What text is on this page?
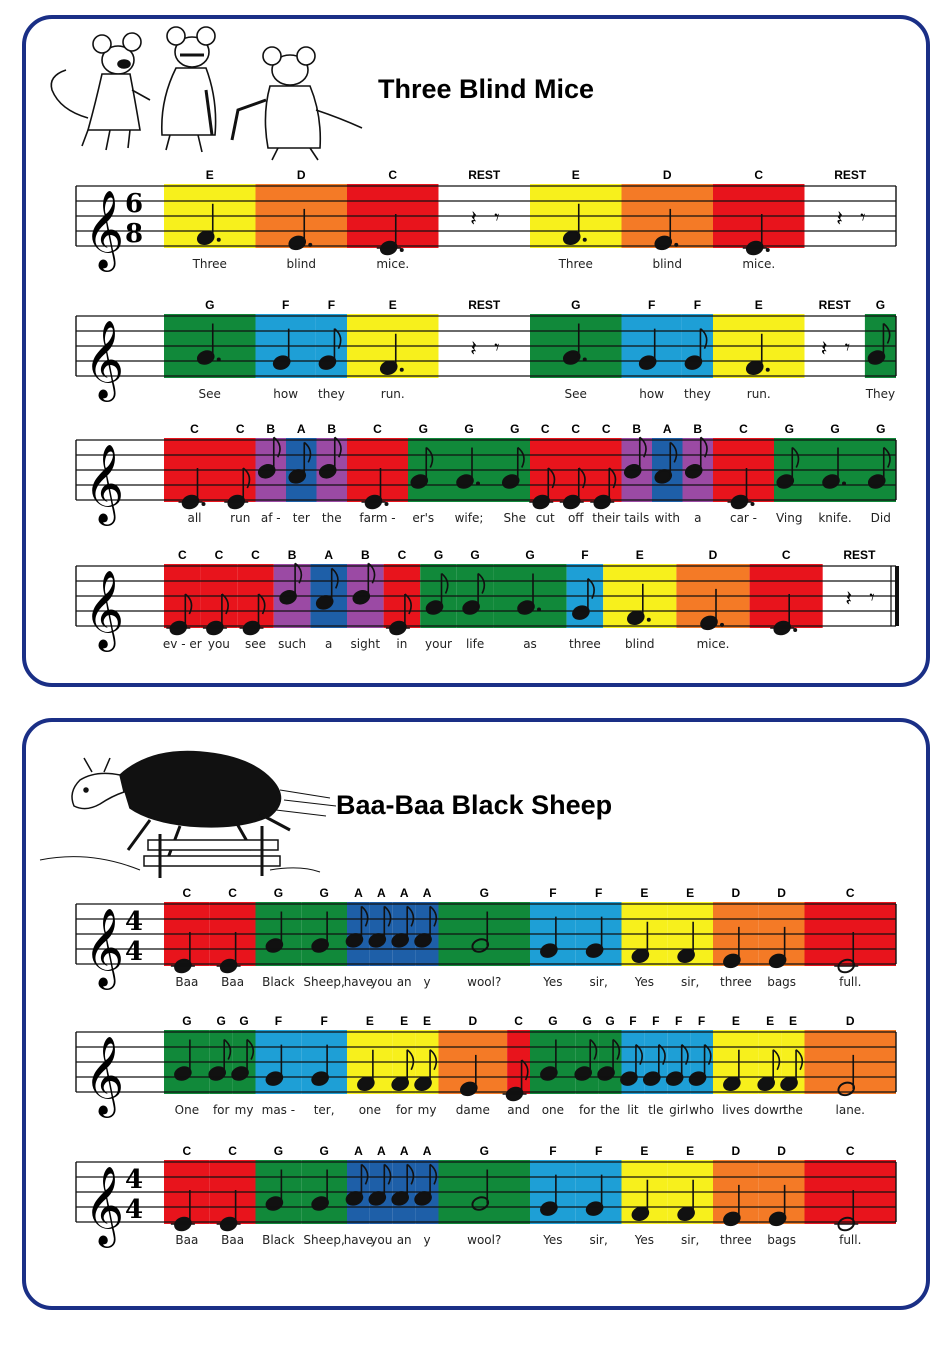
Three Blind Mice
Baa-Baa Black Sheep
E
Three
D
blind
C
mice.
REST
𝄽 𝄾
E
Three
D
blind
C
mice.
REST
𝄽 𝄾
𝄞 6
8
G
See
F
how
F
they
E
run.
REST
𝄽 𝄾
G
See
F
how
F
they
E
run.
REST
𝄽 𝄾
G
They
𝄞
C
all
C
run
B
af -
A
ter
B
the
C
farm -
G
er's
G
wife;
G
She
C
cut
C
off
C
their
B
tails
A
with
B
a
C
car -
G
Ving
G
knife.
G
Did
𝄞
C
ev - er
C
you
C
see
B
such
A
a
B
sight
C
in
G
your
G
life
G
as
F
three
E
blind
D
mice.
C	REST
𝄽 𝄾
𝄞
C
Baa
C
Baa
G
Black
G
Sheep,
A
have
A
you
A
an
A
y
G
wool?
F
Yes
F
sir,
E
Yes
E
sir,
D
three
D
bags
C
full.
𝄞 4
4
G
One
G
for
G
my
F
mas -
F
ter,
E
one
E
for
E
my
D
dame
C
and
G
one
G
for
G
the
F
lit
F
tle
F
girl
F
who
E
lives
E
down
E
the
D
lane.
𝄞
C
Baa
C
Baa
G
Black
G
Sheep,
A
have
A
you
A
an
A
y
G
wool?
F
Yes
F
sir,
E
Yes
E
sir,
D
three
D
bags
C
full.
𝄞 4
4
